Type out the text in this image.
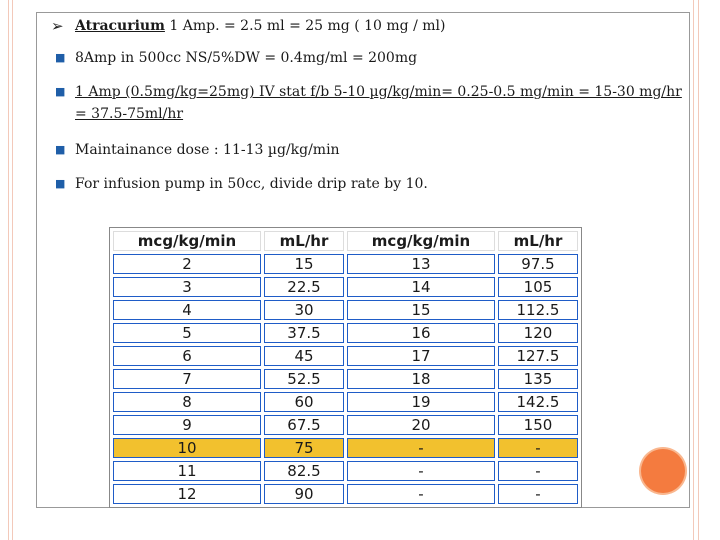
➢ Atracurium 1 Amp. = 2.5 ml = 25 mg ( 10 mg / ml)
■ 8Amp in 500cc NS/5%DW = 0.4mg/ml = 200mg
■ 1 Amp (0.5mg/kg=25mg) IV stat f/b 5-10 µg/kg/min= 0.25-0.5 mg/min = 15-30 mg/hr = 37.5-75ml/hr
■ Maintainance dose : 11-13 µg/kg/min
■ For infusion pump in 50cc, divide drip rate by 10.
mcg/kg/min	mL/hr	mcg/kg/min	mL/hr

2	15	13	97.5

3	22.5	14	105

4	30	15	112.5

5	37.5	16	120

6	45	17	127.5

7	52.5	18	135

8	60	19	142.5

9	67.5	20	150

10	75	-	-

11	82.5	-	-

12	90	-	-
